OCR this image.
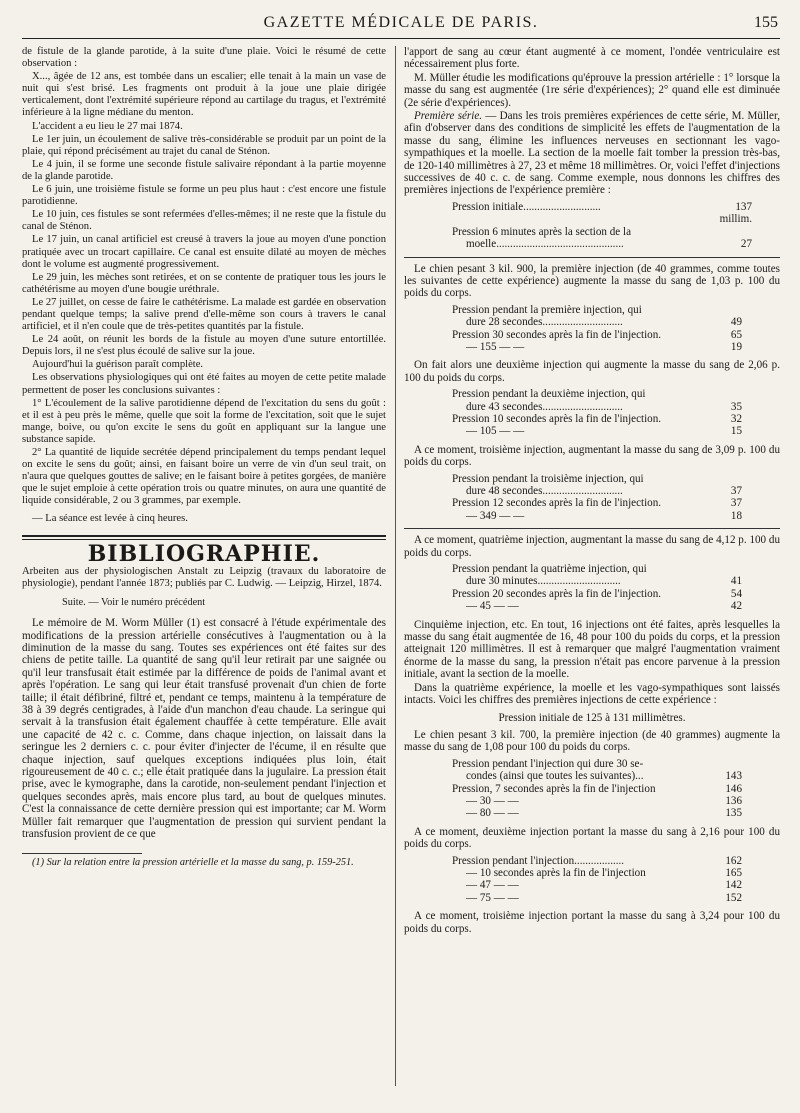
GAZETTE MÉDICALE DE PARIS.	155

de fistule de la glande parotide, à la suite d'une plaie. Voici le résumé de cette observation :

X..., âgée de 12 ans, est tombée dans un escalier; elle tenait à la main un vase de nuit qui s'est brisé. Les fragments ont produit à la joue une plaie dirigée verticalement, dont l'extrémité supérieure répond au cartilage du tragus, et l'extrémité inférieure à la ligne médiane du menton.

L'accident a eu lieu le 27 mai 1874.

Le 1er juin, un écoulement de salive très-considérable se produit par un point de la plaie, qui répond précisément au trajet du canal de Sténon.

Le 4 juin, il se forme une seconde fistule salivaire répondant à la partie moyenne de la glande parotide.

Le 6 juin, une troisième fistule se forme un peu plus haut : c'est encore une fistule parotidienne.

Le 10 juin, ces fistules se sont refermées d'elles-mêmes; il ne reste que la fistule du canal de Sténon.

Le 17 juin, un canal artificiel est creusé à travers la joue au moyen d'une ponction pratiquée avec un trocart capillaire. Ce canal est ensuite dilaté au moyen de mèches dont le volume est augmenté progressivement.

Le 29 juin, les mèches sont retirées, et on se contente de pratiquer tous les jours le cathétérisme au moyen d'une bougie uréthrale.

Le 27 juillet, on cesse de faire le cathétérisme. La malade est gardée en observation pendant quelque temps; la salive prend d'elle-même son cours à travers le canal artificiel, et il n'en coule que de très-petites quantités par la fistule.

Le 24 août, on réunit les bords de la fistule au moyen d'une suture entortillée. Depuis lors, il ne s'est plus écoulé de salive sur la joue.

Aujourd'hui la guérison paraît complète.

Les observations physiologiques qui ont été faites au moyen de cette petite malade permettent de poser les conclusions suivantes :

1° L'écoulement de la salive parotidienne dépend de l'excitation du sens du goût : et il est à peu près le même, quelle que soit la forme de l'excitation, soit que le sujet mange, boive, ou qu'on excite le sens du goût en appliquant sur la langue une substance sapide.

2° La quantité de liquide secrétée dépend principalement du temps pendant lequel on excite le sens du goût; ainsi, en faisant boire un verre de vin d'un seul trait, on n'aura que quelques gouttes de salive; en le faisant boire à petites gorgées, de manière que le sujet emploie à cette opération trois ou quatre minutes, on aura une quantité de liquide considérable, 2 ou 3 grammes, par exemple.

— La séance est levée à cinq heures.

BIBLIOGRAPHIE.
Arbeiten aus der physiologischen Anstalt zu Leipzig (travaux du laboratoire de physiologie), pendant l'année 1873; publiés par C. Ludwig. — Leipzig, Hirzel, 1874.

Suite. — Voir le numéro précédent

Le mémoire de M. Worm Müller (1) est consacré à l'étude expérimentale des modifications de la pression artérielle consécutives à l'augmentation ou à la diminution de la masse du sang. Toutes ses expériences ont été faites sur des chiens de petite taille. La quantité de sang qu'il leur retirait par une saignée ou qu'il leur transfusait était estimée par la différence de poids de l'animal avant et après l'opération. Le sang qui leur était transfusé provenait d'un chien de forte taille; il était défibriné, filtré et, pendant ce temps, maintenu à la température de 38 à 39 degrés centigrades, à l'aide d'un manchon d'eau chaude. La seringue qui servait à la transfusion était également chauffée à cette température. Elle avait une capacité de 42 c. c. Comme, dans chaque injection, on laissait dans la seringue les 2 derniers c. c. pour éviter d'injecter de l'écume, il en résulte que chaque injection, sauf quelques exceptions indiquées plus loin, était rigoureusement de 40 c. c.; elle était pratiquée dans la jugulaire. La pression était prise, avec le kymographe, dans la carotide, non-seulement pendant l'injection et quelques secondes après, mais encore plus tard, au bout de quelques minutes. C'est la connaissance de cette dernière pression qui est importante; car M. Worm Müller fait remarquer que l'augmentation de pression qui survient pendant la transfusion provient de ce que

(1) Sur la relation entre la pression artérielle et la masse du sang, p. 159-251.

l'apport de sang au cœur étant augmenté à ce moment, l'ondée ventriculaire est nécessairement plus forte.

M. Müller étudie les modifications qu'éprouve la pression artérielle : 1° lorsque la masse du sang est augmentée (1re série d'expériences); 2° quand elle est diminuée (2e série d'expériences).

Première série. — Dans les trois premières expériences de cette série, M. Müller, afin d'observer dans des conditions de simplicité les effets de l'augmentation de la masse du sang, élimine les influences nerveuses en sectionnant les vago-sympathiques et la moelle. La section de la moelle fait tomber la pression très-bas, de 120-140 millimètres à 27, 23 et même 18 millimètres. Or, voici l'effet d'injections successives de 40 c. c. de sang. Comme exemple, nous donnons les chiffres des premières injections de l'expérience première :

Pression initiale............................	137 millim.
Pression 6 minutes après la section de la	
moelle..............................................	27

Le chien pesant 3 kil. 900, la première injection (de 40 grammes, comme toutes les suivantes de cette expérience) augmente la masse du sang de 1,03 p. 100 du poids du corps.

Pression pendant la première injection, qui	
dure 28 secondes.............................	49
Pression 30 secondes après la fin de l'injection.	65
— 155 — —	19

On fait alors une deuxième injection qui augmente la masse du sang de 2,06 p. 100 du poids du corps.

Pression pendant la deuxième injection, qui	
dure 43 secondes.............................	35
Pression 10 secondes après la fin de l'injection.	32
— 105 — —	15

A ce moment, troisième injection, augmentant la masse du sang de 3,09 p. 100 du poids du corps.

Pression pendant la troisième injection, qui	
dure 48 secondes.............................	37
Pression 12 secondes après la fin de l'injection.	37
— 349 — —	18

A ce moment, quatrième injection, augmentant la masse du sang de 4,12 p. 100 du poids du corps.

Pression pendant la quatrième injection, qui	
dure 30 minutes..............................	41
Pression 20 secondes après la fin de l'injection.	54
— 45 — —	42

Cinquième injection, etc. En tout, 16 injections ont été faites, après lesquelles la masse du sang était augmentée de 16, 48 pour 100 du poids du corps, et la pression atteignait 120 millimètres. Il est à remarquer que malgré l'augmentation vraiment énorme de la masse du sang, la pression n'était pas encore parvenue à la pression initiale, avant la section de la moelle.

Dans la quatrième expérience, la moelle et les vago-sympathiques sont laissés intacts. Voici les chiffres des premières injections de cette expérience :

Pression initiale de 125 à 131 millimètres.

Le chien pesant 3 kil. 700, la première injection (de 40 grammes) augmente la masse du sang de 1,08 pour 100 du poids du corps.

Pression pendant l'injection qui dure 30 se-	
condes (ainsi que toutes les suivantes)...	143
Pression, 7 secondes après la fin de l'injection	146
— 30 — —	136
— 80 — —	135

A ce moment, deuxième injection portant la masse du sang à 2,16 pour 100 du poids du corps.

Pression pendant l'injection..................	162
— 10 secondes après la fin de l'injection	165
— 47 — —	142
— 75 — —	152

A ce moment, troisième injection portant la masse du sang à 3,24 pour 100 du poids du corps.
